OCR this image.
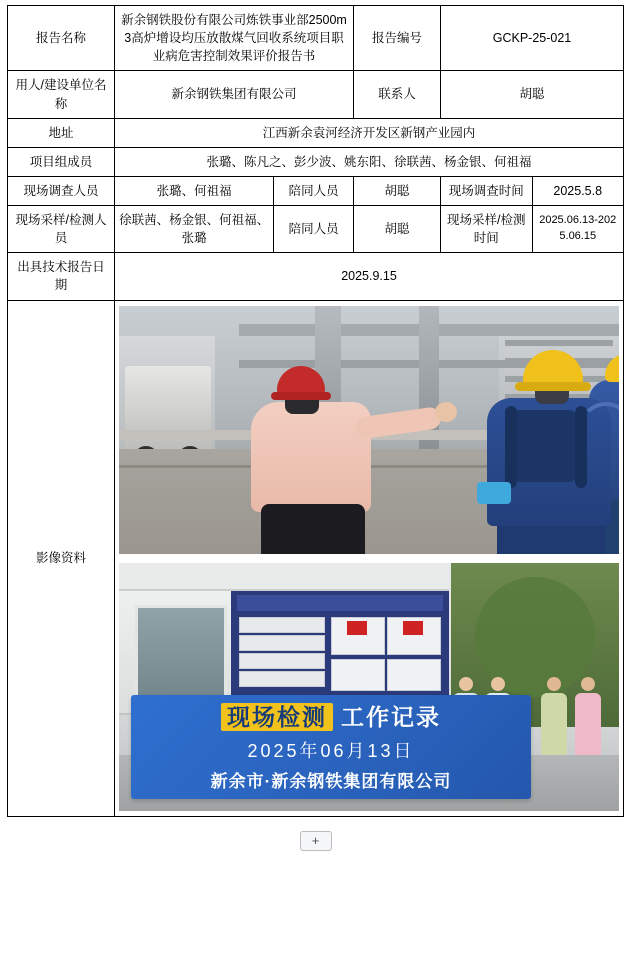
报告名称	新余钢铁股份有限公司炼铁事业部2500m3高炉增设均压放散煤气回收系统项目职业病危害控制效果评价报告书		报告编号	GCKP-25-021	
用人/建设单位名称	新余钢铁集团有限公司		联系人	胡聪	
地址	江西新余袁河经济开发区新钢产业园内				
项目组成员	张璐、陈凡之、彭少波、姚东阳、徐联茜、杨金银、何祖福				
现场调查人员	张璐、何祖福	陪同人员	胡聪	现场调查时间	2025.5.8
现场采样/检测人员	徐联茜、杨金银、何祖福、张璐	陪同人员	胡聪	现场采样/检测时间	2025.06.13-2025.06.15
出具技术报告日期	2025.9.15				
影像资料	现场检测 工作记录
2025年06月13日
新余市·新余钢铁集团有限公司				
+
